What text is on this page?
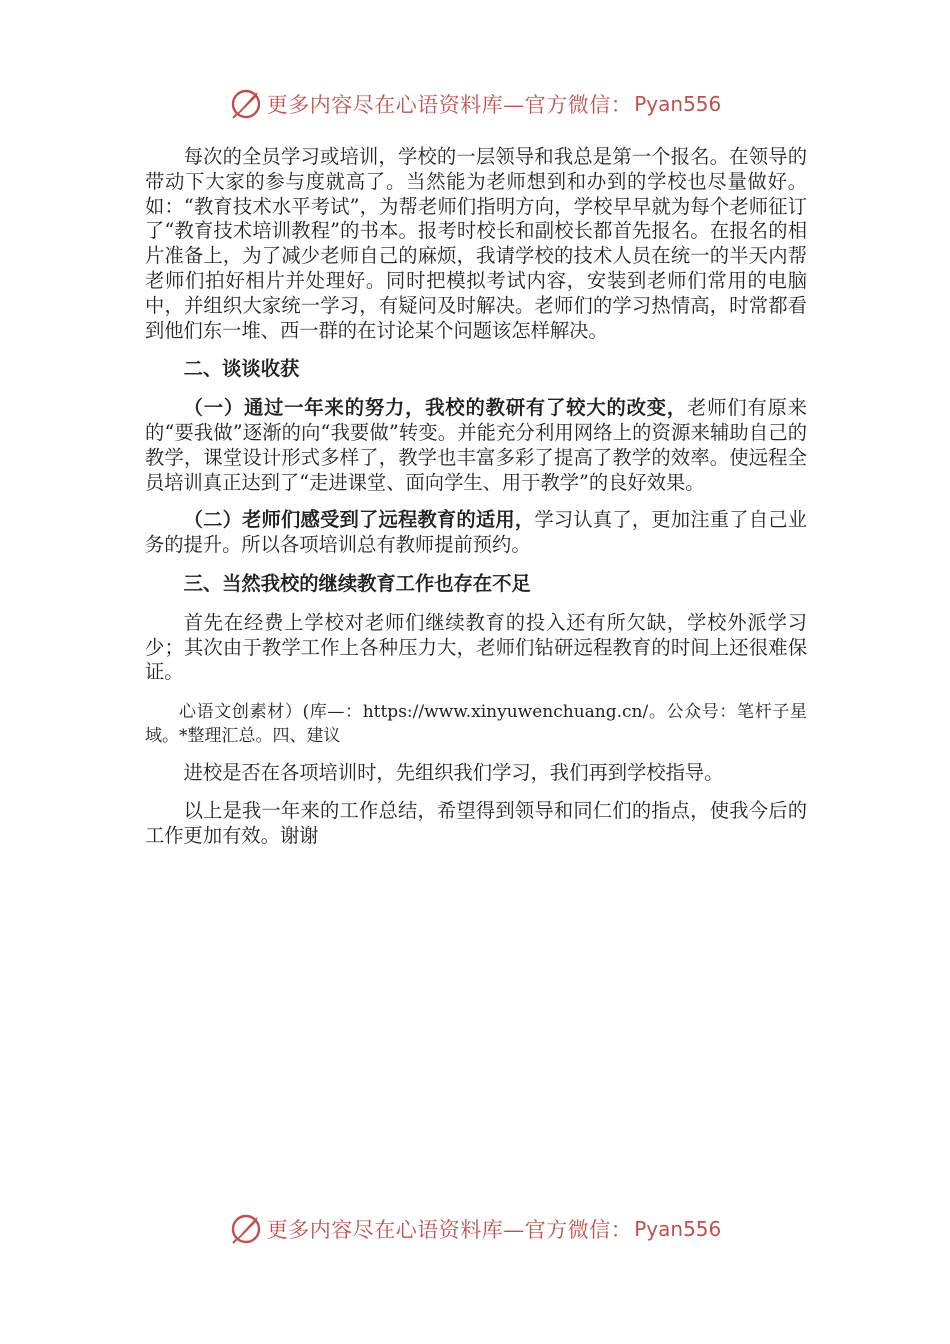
更多内容尽在心语资料库—官方微信： Pyan556

每次的全员学习或培训，学校的一层领导和我总是第一个报名。在领导的带动下大家的参与度就高了。当然能为老师想到和办到的学校也尽量做好。如：“教育技术水平考试”，为帮老师们指明方向，学校早早就为每个老师征订了“教育技术培训教程”的书本。报考时校长和副校长都首先报名。在报名的相片准备上，为了减少老师自己的麻烦，我请学校的技术人员在统一的半天内帮老师们拍好相片并处理好。同时把模拟考试内容，安装到老师们常用的电脑中，并组织大家统一学习，有疑问及时解决。老师们的学习热情高，时常都看到他们东一堆、西一群的在讨论某个问题该怎样解决。

二、谈谈收获

（一）通过一年来的努力，我校的教研有了较大的改变，老师们有原来的“要我做”逐渐的向“我要做”转变。并能充分利用网络上的资源来辅助自己的教学，课堂设计形式多样了，教学也丰富多彩了提高了教学的效率。使远程全员培训真正达到了“走进课堂、面向学生、用于教学”的良好效果。

（二）老师们感受到了远程教育的适用，学习认真了，更加注重了自己业务的提升。所以各项培训总有教师提前预约。

三、当然我校的继续教育工作也存在不足

首先在经费上学校对老师们继续教育的投入还有所欠缺，学校外派学习少；其次由于教学工作上各种压力大，老师们钻研远程教育的时间上还很难保证。

心语文创素材）(库—：https://www.xinyuwenchuang.cn/。公众号：笔杆子星域。*整理汇总。四、建议

进校是否在各项培训时，先组织我们学习，我们再到学校指导。

以上是我一年来的工作总结，希望得到领导和同仁们的指点，使我今后的工作更加有效。谢谢

更多内容尽在心语资料库—官方微信： Pyan556
